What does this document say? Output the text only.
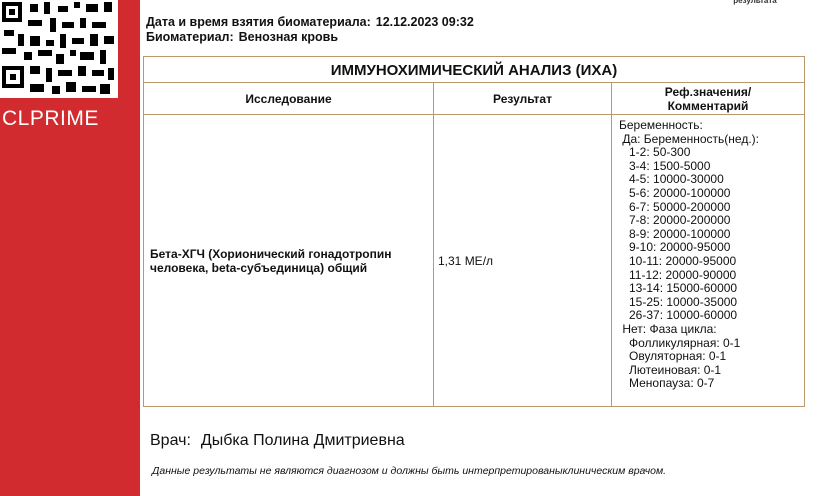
CLPRIME
результата
Дата и время взятия биоматериала: 12.12.2023 09:32
Биоматериал: Венозная кровь
ИММУНОХИМИЧЕСКИЙ АНАЛИЗ (ИХА)
Исследование	Результат	Реф.значения/
Комментарий
Бета-ХГЧ (Хорионический гонадотропин человека, beta-субъединица) общий	1,31 МЕ/л
Беременность:
Да: Беременность(нед.):
1-2: 50-300
3-4: 1500-5000
4-5: 10000-30000
5-6: 20000-100000
6-7: 50000-200000
7-8: 20000-200000
8-9: 20000-100000
9-10: 20000-95000
10-11: 20000-95000
11-12: 20000-90000
13-14: 15000-60000
15-25: 10000-35000
26-37: 10000-60000
Нет: Фаза цикла:
Фолликулярная: 0-1
Овуляторная: 0-1
Лютеиновая: 0-1
Менопауза: 0-7
Врач: Дыбка Полина Дмитриевна
Данные результаты не являются диагнозом и должны быть интерпретированыклиническим врачом.
